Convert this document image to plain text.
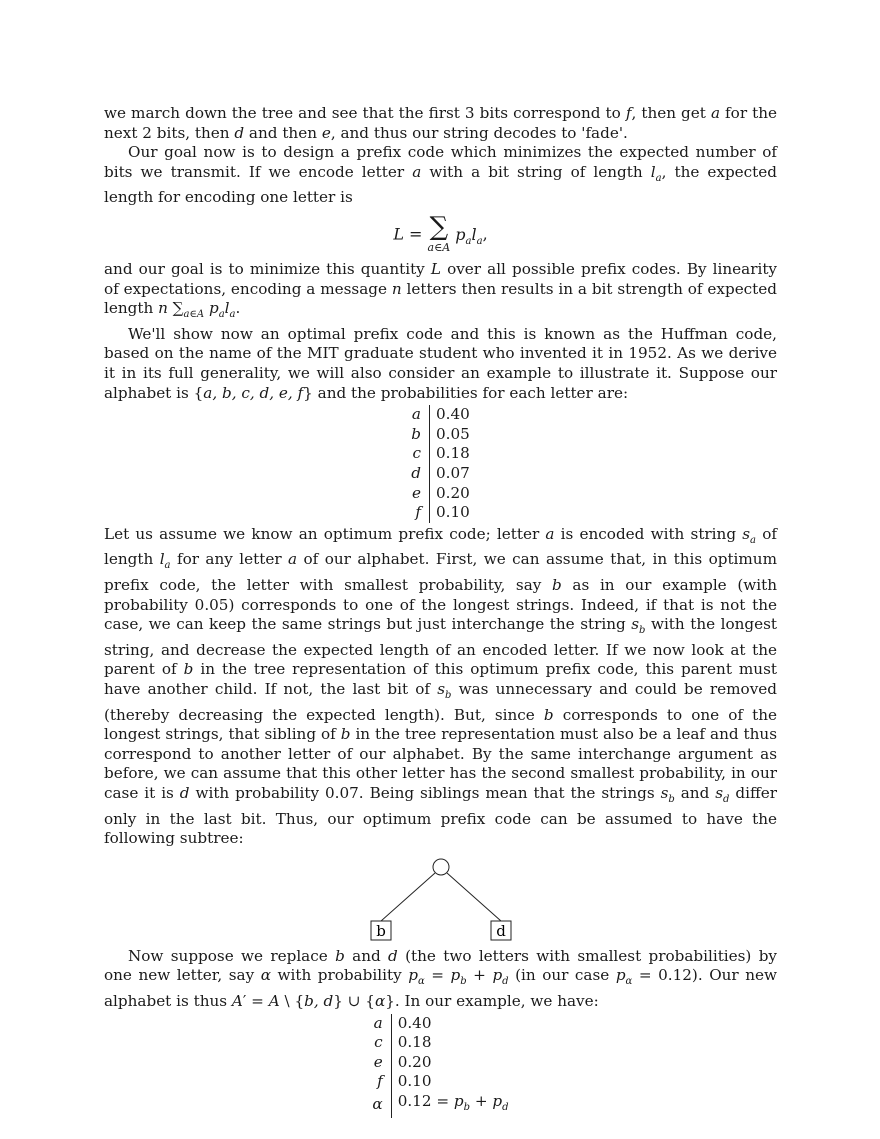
we march down the tree and see that the first 3 bits correspond to f, then get a for the next 2 bits, then d and then e, and thus our string decodes to 'fade'.

Our goal now is to design a prefix code which minimizes the expected number of bits we transmit. If we encode letter a with a bit string of length $l_a$, the expected length for encoding one letter is

L = ∑
a∈A
$p_al_a$,

and our goal is to minimize this quantity L over all possible prefix codes. By linearity of expectations, encoding a message n letters then results in a bit strength of expected length n $\sum_{a\in A}$ $p_al_a$.

We'll show now an optimal prefix code and this is known as the Huffman code, based on the name of the MIT graduate student who invented it in 1952. As we derive it in its full generality, we will also consider an example to illustrate it. Suppose our alphabet is {a, b, c, d, e, f} and the probabilities for each letter are:

a	0.40
b	0.05
c	0.18
d	0.07
e	0.20
f	0.10

Let us assume we know an optimum prefix code; letter a is encoded with string $s_a$ of length $l_a$ for any letter a of our alphabet. First, we can assume that, in this optimum prefix code, the letter with smallest probability, say b as in our example (with probability 0.05) corresponds to one of the longest strings. Indeed, if that is not the case, we can keep the same strings but just interchange the string $s_b$ with the longest string, and decrease the expected length of an encoded letter. If we now look at the parent of b in the tree representation of this optimum prefix code, this parent must have another child. If not, the last bit of $s_b$ was unnecessary and could be removed (thereby decreasing the expected length). But, since b corresponds to one of the longest strings, that sibling of b in the tree representation must also be a leaf and thus correspond to another letter of our alphabet. By the same interchange argument as before, we can assume that this other letter has the second smallest probability, in our case it is d with probability 0.07. Being siblings mean that the strings $s_b$ and $s_d$ differ only in the last bit. Thus, our optimum prefix code can be assumed to have the following subtree:

b	d

Now suppose we replace b and d (the two letters with smallest probabilities) by one new letter, say α with probability $p_\alpha = p_b + p_d$ (in our case $p_\alpha = 0.12$). Our new alphabet is thus A′ = A \ {b, d} ∪ {α}. In our example, we have:

a	0.40
c	0.18
e	0.20
f	0.10
α	$0.12 = p_b + p_d$
